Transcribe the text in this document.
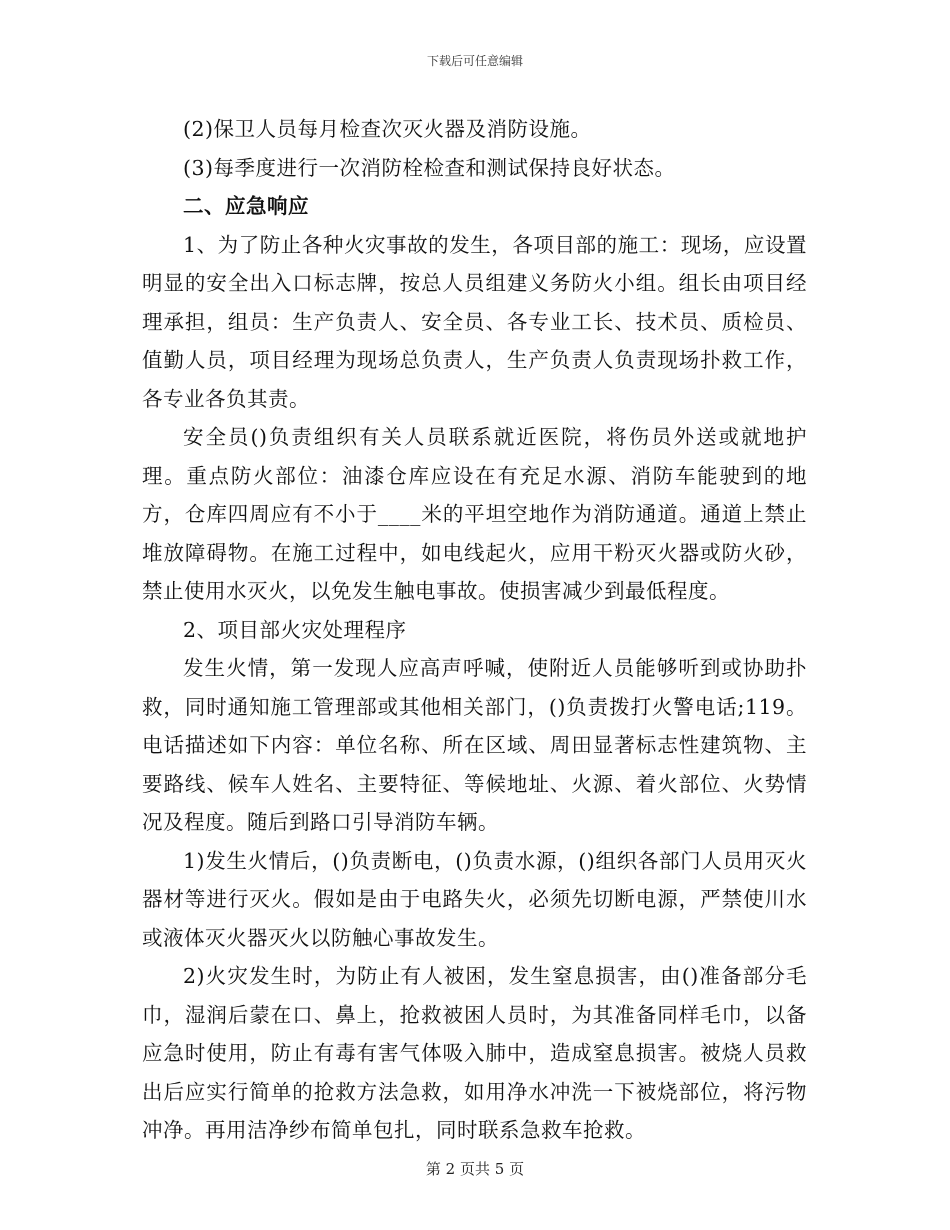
下载后可任意编辑

(2)保卫人员每月检查次灭火器及消防设施。

(3)每季度进行一次消防栓检查和测试保持良好状态。

二、应急响应

1、为了防止各种火灾事故的发生，各项目部的施工：现场，应设置明显的安全出入口标志牌，按总人员组建义务防火小组。组长由项目经理承担，组员：生产负责人、安全员、各专业工长、技术员、质检员、值勤人员，项目经理为现场总负责人，生产负责人负责现场扑救工作，各专业各负其责。

安全员()负责组织有关人员联系就近医院，将伤员外送或就地护理。重点防火部位：油漆仓库应设在有充足水源、消防车能驶到的地方，仓库四周应有不小于____米的平坦空地作为消防通道。通道上禁止堆放障碍物。在施工过程中，如电线起火，应用干粉灭火器或防火砂，禁止使用水灭火，以免发生触电事故。使损害减少到最低程度。

2、项目部火灾处理程序

发生火情，第一发现人应高声呼喊，使附近人员能够听到或协助扑救，同时通知施工管理部或其他相关部门，()负责拨打火警电话;119。电话描述如下内容：单位名称、所在区域、周田显著标志性建筑物、主要路线、候车人姓名、主要特征、等候地址、火源、着火部位、火势情况及程度。随后到路口引导消防车辆。

1)发生火情后，()负责断电，()负责水源，()组织各部门人员用灭火器材等进行灭火。假如是由于电路失火，必须先切断电源，严禁使川水或液体灭火器灭火以防触心事故发生。

2)火灾发生时，为防止有人被困，发生窒息损害，由()准备部分毛巾，湿润后蒙在口、鼻上，抢救被困人员时，为其准备同样毛巾，以备应急时使用，防止有毒有害气体吸入肺中，造成窒息损害。被烧人员救出后应实行简单的抢救方法急救，如用净水冲洗一下被烧部位，将污物冲净。再用洁净纱布简单包扎，同时联系急救车抢救。

第 2 页共 5 页
